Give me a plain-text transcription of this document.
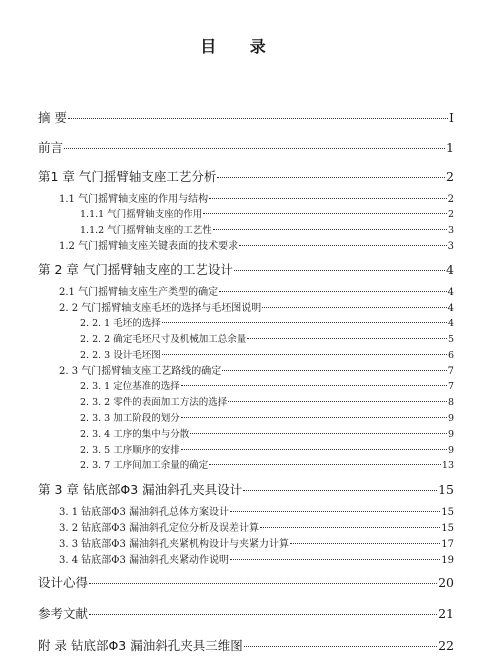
目 录
摘 要	I
前言	1
第1 章 气门摇臂轴支座工艺分析	2
1.1 气门摇臂轴支座的作用与结构	2
1.1.1 气门摇臂轴支座的作用	2
1.1.2 气门摇臂轴支座的工艺性	3
1.2 气门摇臂轴支座关键表面的技术要求	3
第 2 章 气门摇臂轴支座的工艺设计	4
2.1 气门摇臂轴支座生产类型的确定	4
2. 2 气门摇臂轴支座毛坯的选择与毛坯图说明	4
2. 2. 1 毛坯的选择	4
2. 2. 2 确定毛坯尺寸及机械加工总余量	5
2. 2. 3 设计毛坯图	6
2. 3 气门摇臂轴支座工艺路线的确定	7
2. 3. 1 定位基准的选择	7
2. 3. 2 零件的表面加工方法的选择	8
2. 3. 3 加工阶段的划分	9
2. 3. 4 工序的集中与分散	9
2. 3. 5 工序顺序的安排	9
2. 3. 7 工序间加工余量的确定	13
第 3 章 钻底部Φ3 漏油斜孔夹具设计	15
3. 1 钻底部Φ3 漏油斜孔总体方案设计	15
3. 2 钻底部Φ3 漏油斜孔定位分析及误差计算	15
3. 3 钻底部Φ3 漏油斜孔夹紧机构设计与夹紧力计算	17
3. 4 钻底部Φ3 漏油斜孔夹紧动作说明	19
设计心得	20
参考文献	21
附 录 钻底部Φ3 漏油斜孔夹具三维图	22
